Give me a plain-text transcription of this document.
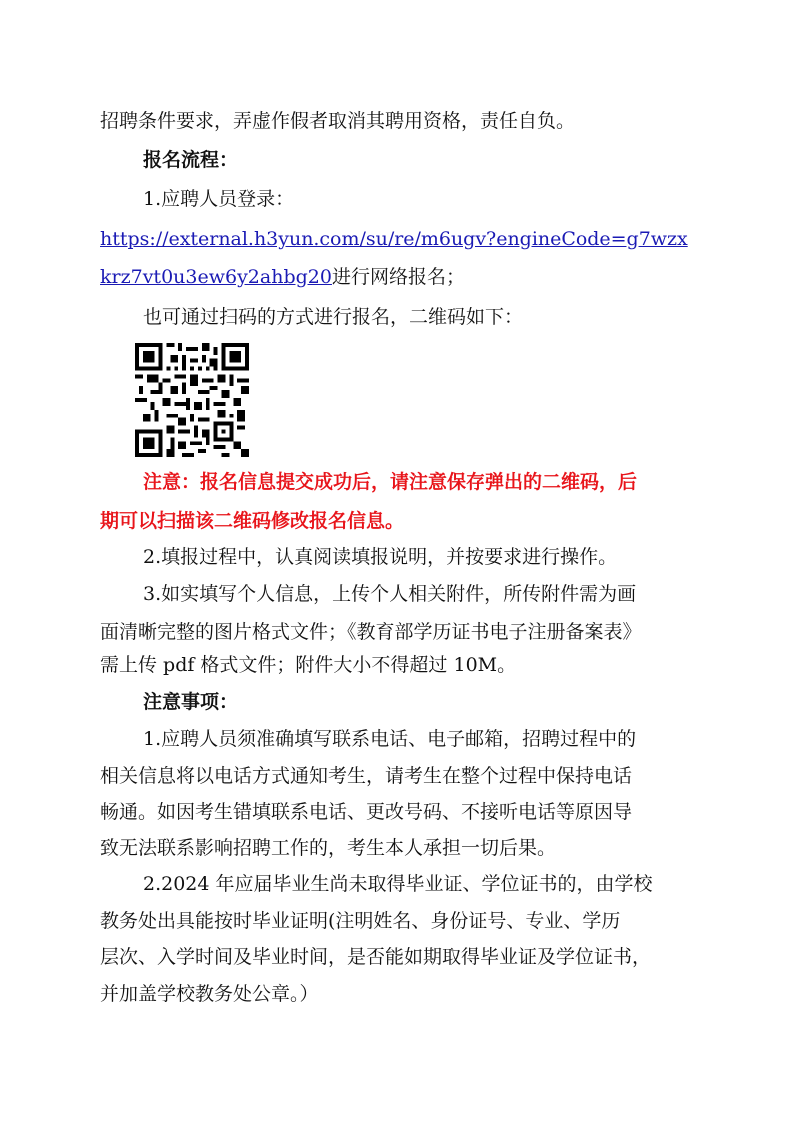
招聘条件要求，弄虚作假者取消其聘用资格，责任自负。
报名流程：
1.应聘人员登录：
https://external.h3yun.com/su/re/m6ugv?engineCode=g7wzx
krz7vt0u3ew6y2ahbg20进行网络报名；
也可通过扫码的方式进行报名，二维码如下：
注意：报名信息提交成功后，请注意保存弹出的二维码，后
期可以扫描该二维码修改报名信息。
2.填报过程中，认真阅读填报说明，并按要求进行操作。
3.如实填写个人信息，上传个人相关附件，所传附件需为画
面清晰完整的图片格式文件；《教育部学历证书电子注册备案表》
需上传 pdf 格式文件；附件大小不得超过 10M。
注意事项：
1.应聘人员须准确填写联系电话、电子邮箱，招聘过程中的
相关信息将以电话方式通知考生，请考生在整个过程中保持电话
畅通。如因考生错填联系电话、更改号码、不接听电话等原因导
致无法联系影响招聘工作的，考生本人承担一切后果。
2.2024 年应届毕业生尚未取得毕业证、学位证书的，由学校
教务处出具能按时毕业证明(注明姓名、身份证号、专业、学历
层次、入学时间及毕业时间，是否能如期取得毕业证及学位证书，
并加盖学校教务处公章。）
